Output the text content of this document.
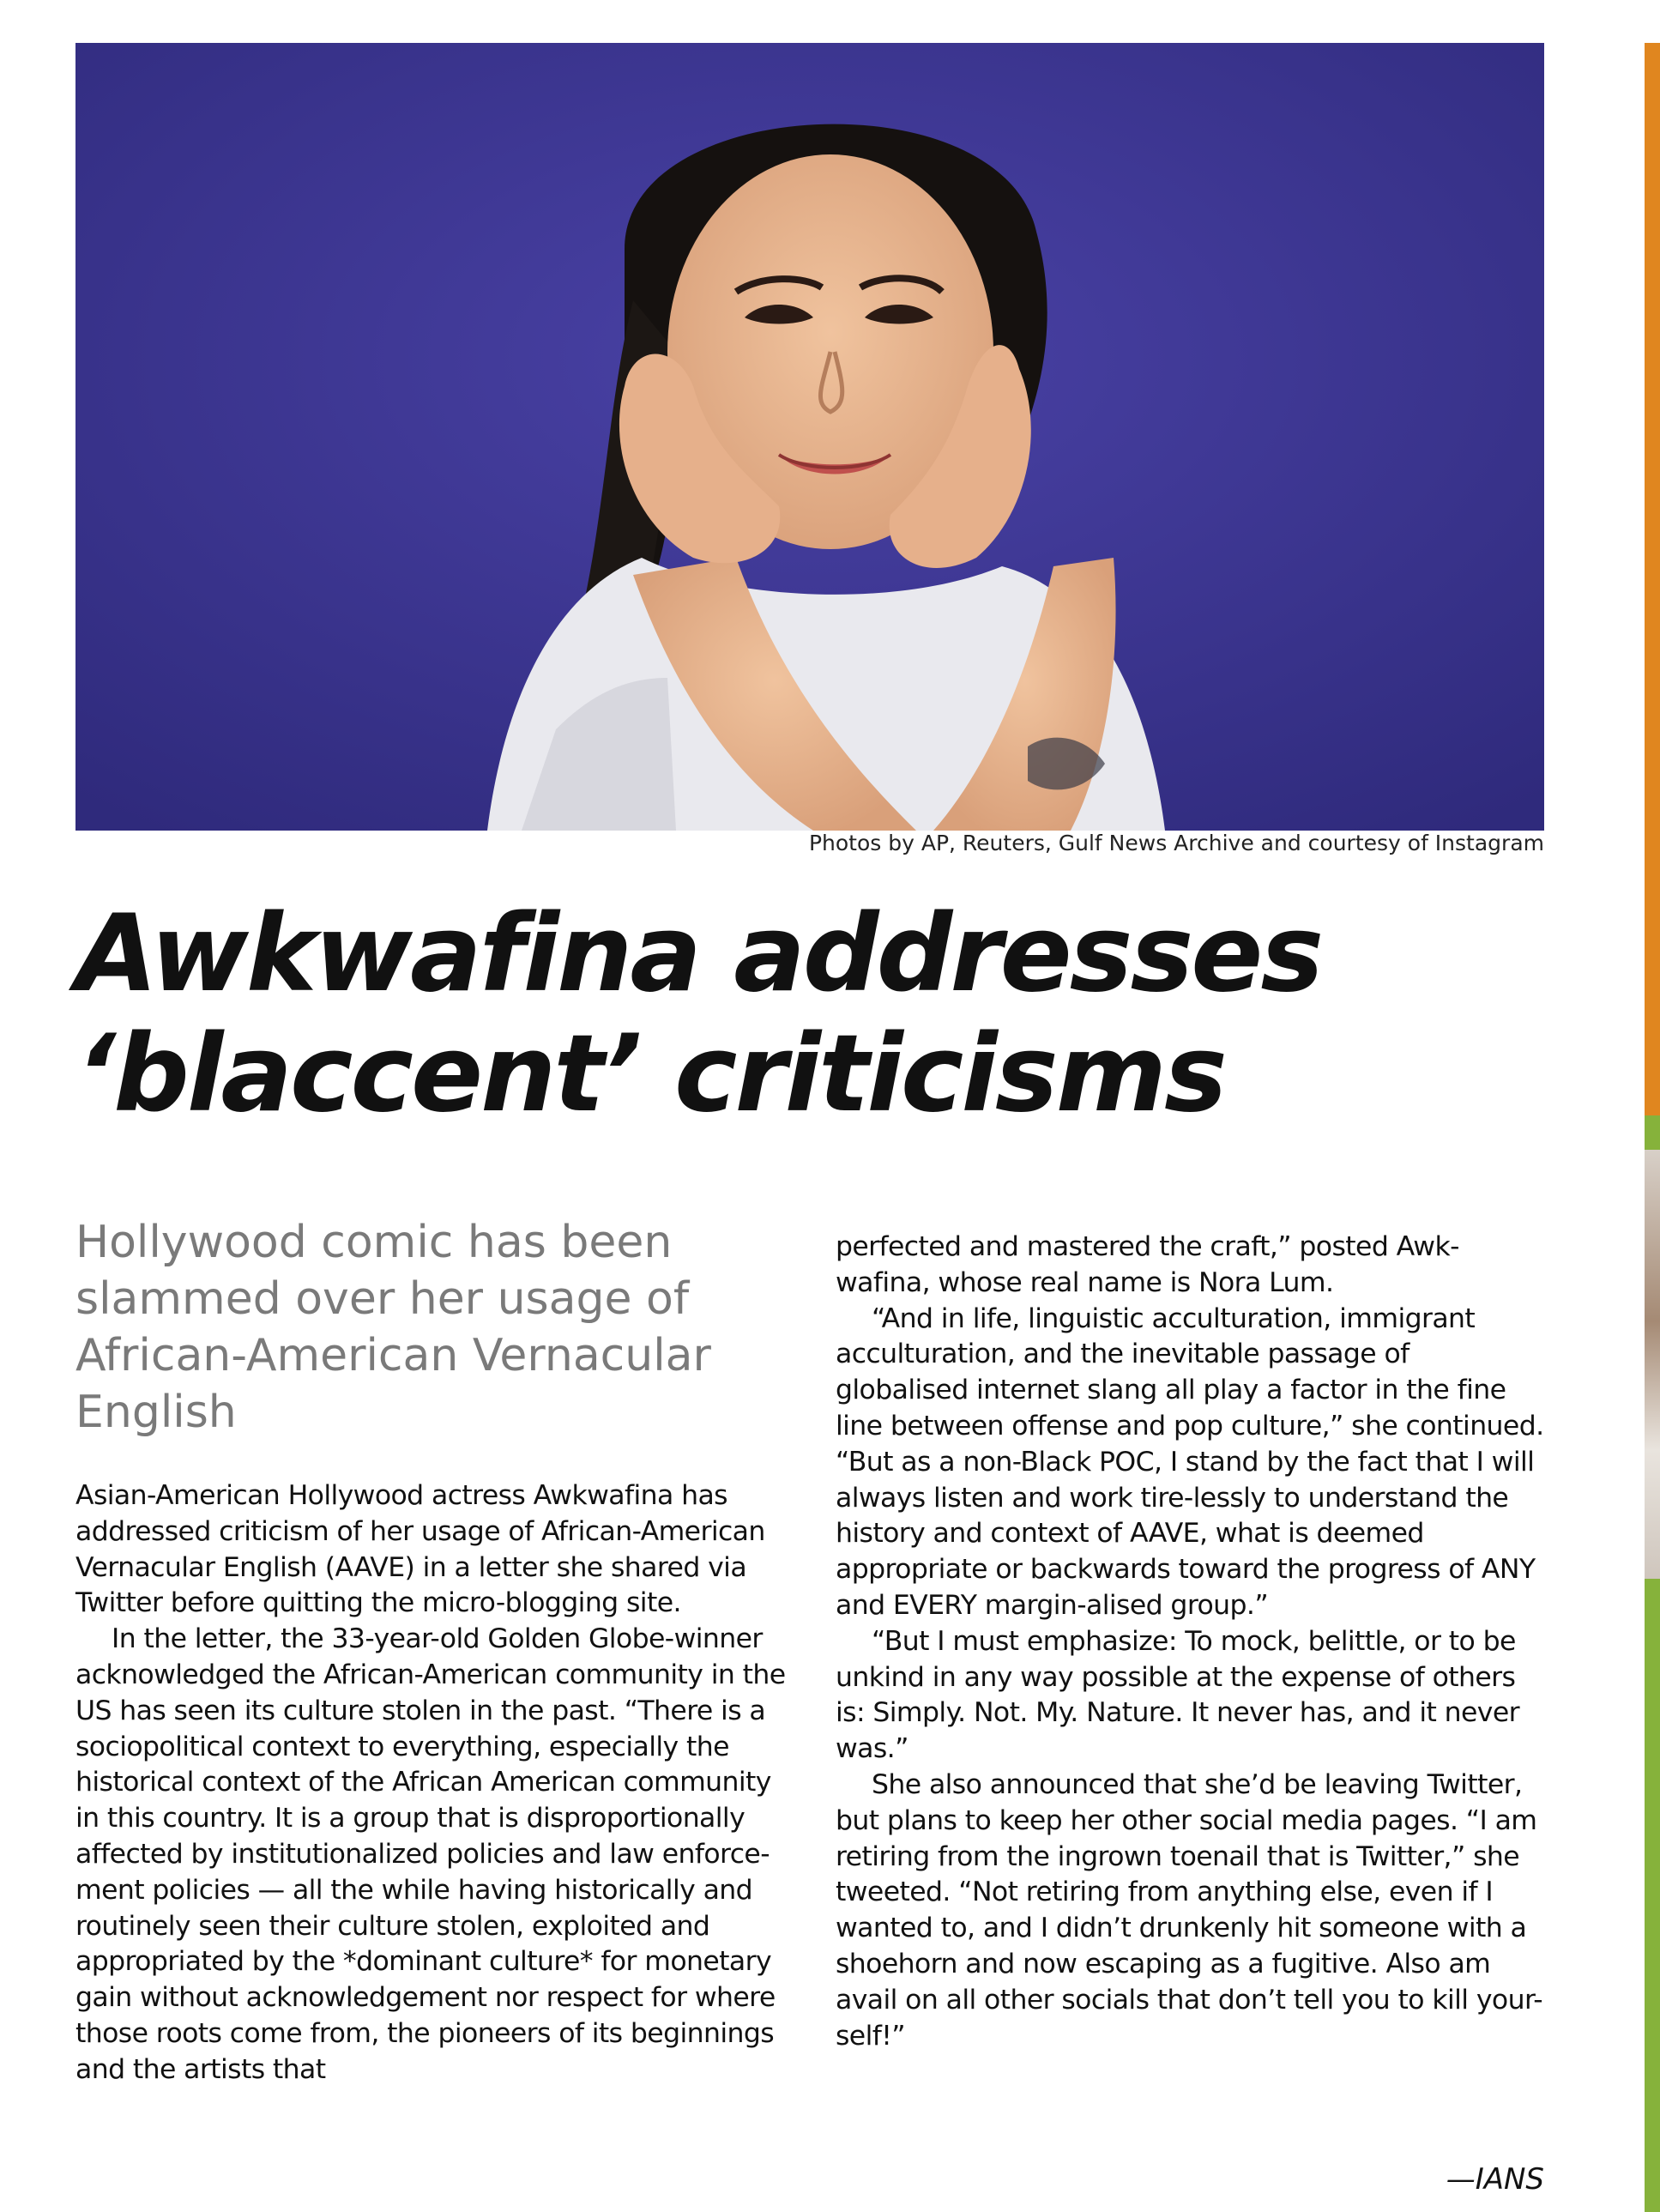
Photos by AP, Reuters, Gulf News Archive and courtesy of Instagram
Awkwafina addresses
‘blaccent’ criticisms

Hollywood comic has been slammed over her usage of African-American Vernacular English

Asian-American Hollywood actress Awkwafina has addressed criticism of her usage of African-American Vernacular English (AAVE) in a letter she shared via Twitter before quitting the micro-blogging site.

In the letter, the 33-year-old Golden Globe-winner acknowledged the African-American community in the US has seen its culture stolen in the past. “There is a sociopolitical context to everything, especially the historical context of the African American community in this country. It is a group that is disproportionally affected by institutionalized policies and law enforce-ment policies — all the while having historically and routinely seen their culture stolen, exploited and appropriated by the *dominant culture* for monetary gain without acknowledgement nor respect for where those roots come from, the pioneers of its beginnings and the artists that

perfected and mastered the craft,” posted Awk-wafina, whose real name is Nora Lum.

“And in life, linguistic acculturation, immigrant acculturation, and the inevitable passage of globalised internet slang all play a factor in the fine line between offense and pop culture,” she continued. “But as a non-Black POC, I stand by the fact that I will always listen and work tire-lessly to understand the history and context of AAVE, what is deemed appropriate or backwards toward the progress of ANY and EVERY margin-alised group.”

“But I must emphasize: To mock, belittle, or to be unkind in any way possible at the expense of others is: Simply. Not. My. Nature. It never has, and it never was.”

She also announced that she’d be leaving Twitter, but plans to keep her other social media pages. “I am retiring from the ingrown toenail that is Twitter,” she tweeted. “Not retiring from anything else, even if I wanted to, and I didn’t drunkenly hit someone with a shoehorn and now escaping as a fugitive. Also am avail on all other socials that don’t tell you to kill your-self!”

—IANS
